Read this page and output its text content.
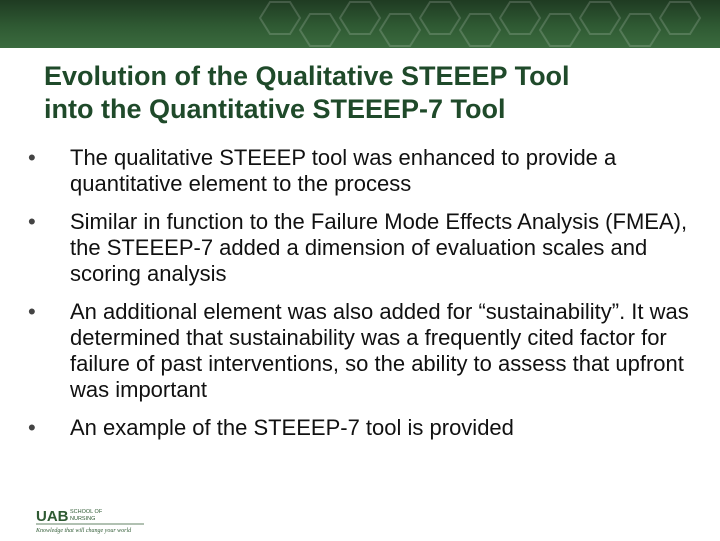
Evolution of the Qualitative STEEEP Tool
into the Quantitative STEEEP-7 Tool
•	The qualitative STEEEP tool was enhanced to provide a quantitative element to the process
•	Similar in function to the Failure Mode Effects Analysis (FMEA), the STEEEP-7 added a dimension of evaluation scales and scoring analysis
•	An additional element was also added for “sustainability”. It was determined that sustainability was a frequently cited factor for failure of past interventions, so the ability to assess that upfront was important
•	An example of the STEEEP-7 tool is provided
UAB SCHOOL OF
NURSING
Knowledge that will change your world
